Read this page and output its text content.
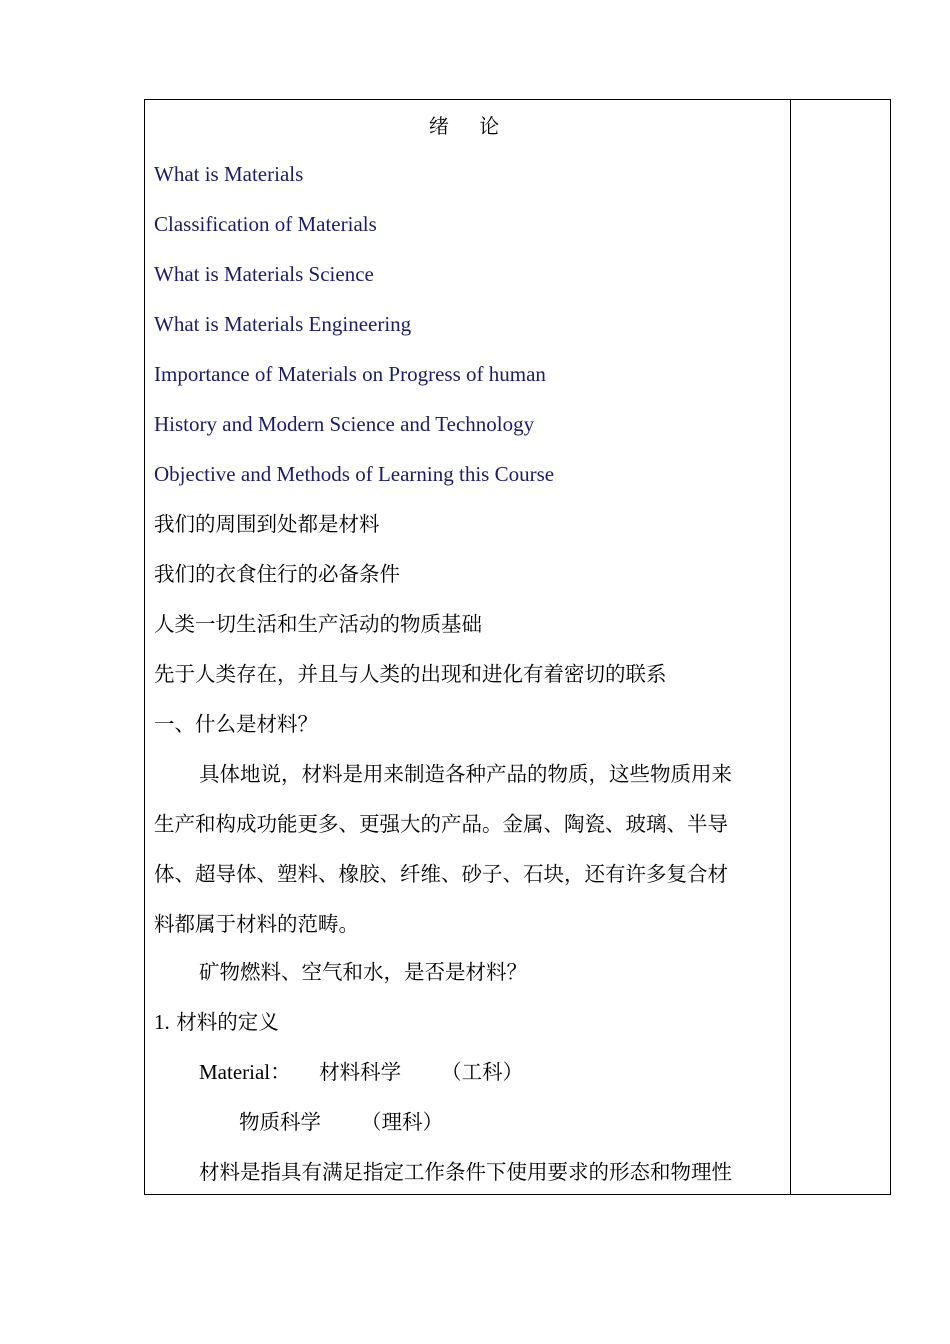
绪 论
What is Materials
Classification of Materials
What is Materials Science
What is Materials Engineering
Importance of Materials on Progress of human
History and Modern Science and Technology
Objective and Methods of Learning this Course
我们的周围到处都是材料
我们的衣食住行的必备条件
人类一切生活和生产活动的物质基础
先于人类存在，并且与人类的出现和进化有着密切的联系
一、什么是材料？
具体地说，材料是用来制造各种产品的物质，这些物质用来
生产和构成功能更多、更强大的产品。金属、陶瓷、玻璃、半导
体、超导体、塑料、橡胶、纤维、砂子、石块，还有许多复合材
料都属于材料的范畴。
矿物燃料、空气和水，是否是材料？
1. 材料的定义
Material： 材料科学 （工科）
物质科学 （理科）
材料是指具有满足指定工作条件下使用要求的形态和物理性
